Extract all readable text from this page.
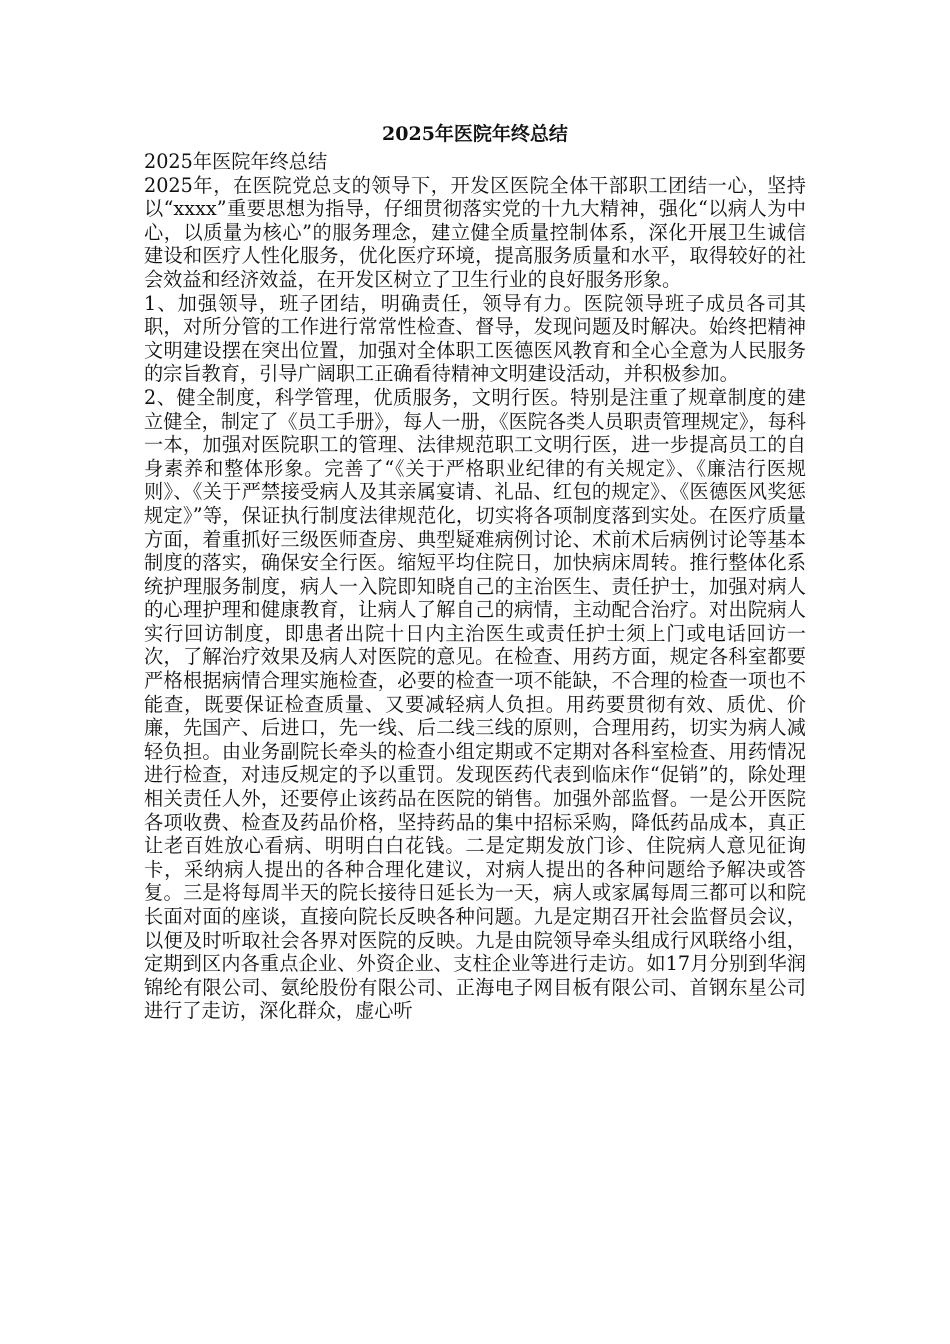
2025年医院年终总结

2025年医院年终总结

2025年，在医院党总支的领导下，开发区医院全体干部职工团结一心，坚持以“xxxx”重要思想为指导，仔细贯彻落实党的十九大精神，强化“以病人为中心，以质量为核心”的服务理念，建立健全质量控制体系，深化开展卫生诚信建设和医疗人性化服务，优化医疗环境，提高服务质量和水平，取得较好的社会效益和经济效益，在开发区树立了卫生行业的良好服务形象。

1、加强领导，班子团结，明确责任，领导有力。医院领导班子成员各司其职，对所分管的工作进行常常性检查、督导，发现问题及时解决。始终把精神文明建设摆在突出位置，加强对全体职工医德医风教育和全心全意为人民服务的宗旨教育，引导广阔职工正确看待精神文明建设活动，并积极参加。

2、健全制度，科学管理，优质服务，文明行医。特别是注重了规章制度的建立健全，制定了《员工手册》，每人一册，《医院各类人员职责管理规定》，每科一本，加强对医院职工的管理、法律规范职工文明行医，进一步提高员工的自身素养和整体形象。完善了“《关于严格职业纪律的有关规定》、《廉洁行医规则》、《关于严禁接受病人及其亲属宴请、礼品、红包的规定》、《医德医风奖惩规定》”等，保证执行制度法律规范化，切实将各项制度落到实处。在医疗质量方面，着重抓好三级医师查房、典型疑难病例讨论、术前术后病例讨论等基本制度的落实，确保安全行医。缩短平均住院日，加快病床周转。推行整体化系统护理服务制度，病人一入院即知晓自己的主治医生、责任护士，加强对病人的心理护理和健康教育，让病人了解自己的病情，主动配合治疗。对出院病人实行回访制度，即患者出院十日内主治医生或责任护士须上门或电话回访一次，了解治疗效果及病人对医院的意见。在检查、用药方面，规定各科室都要严格根据病情合理实施检查，必要的检查一项不能缺，不合理的检查一项也不能查，既要保证检查质量、又要减轻病人负担。用药要贯彻有效、质优、价廉，先国产、后进口，先一线、后二线三线的原则，合理用药，切实为病人减轻负担。由业务副院长牵头的检查小组定期或不定期对各科室检查、用药情况进行检查，对违反规定的予以重罚。发现医药代表到临床作“促销”的，除处理相关责任人外，还要停止该药品在医院的销售。加强外部监督。一是公开医院各项收费、检查及药品价格，坚持药品的集中招标采购，降低药品成本，真正让老百姓放心看病、明明白白花钱。二是定期发放门诊、住院病人意见征询卡，采纳病人提出的各种合理化建议，对病人提出的各种问题给予解决或答复。三是将每周半天的院长接待日延长为一天，病人或家属每周三都可以和院长面对面的座谈，直接向院长反映各种问题。九是定期召开社会监督员会议，以便及时听取社会各界对医院的反映。九是由院领导牵头组成行风联络小组，定期到区内各重点企业、外资企业、支柱企业等进行走访。如17月分别到华润锦纶有限公司、氨纶股份有限公司、正海电子网目板有限公司、首钢东星公司进行了走访，深化群众，虚心听
